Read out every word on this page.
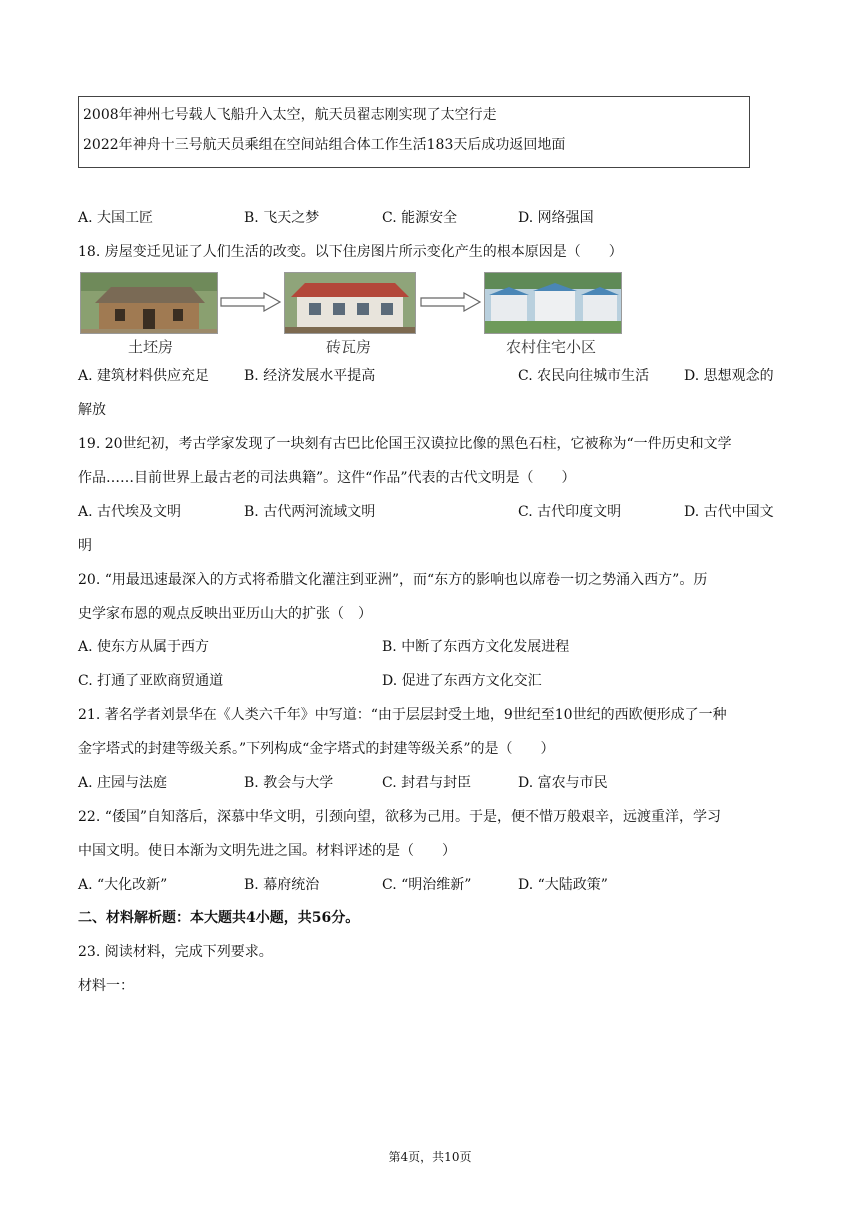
2008年神州七号载人飞船升入太空，航天员翟志刚实现了太空行走
2022年神舟十三号航天员乘组在空间站组合体工作生活183天后成功返回地面
A. 大国工匠	B. 飞天之梦	C. 能源安全	D. 网络强国
18. 房屋变迁见证了人们生活的改变。以下住房图片所示变化产生的根本原因是（　　）
土坯房	砖瓦房	农村住宅小区
A. 建筑材料供应充足 B. 经济发展水平提高	C. 农民向往城市生活 D. 思想观念的
解放
19. 20世纪初，考古学家发现了一块刻有古巴比伦国王汉谟拉比像的黑色石柱，它被称为“一件历史和文学
作品……目前世界上最古老的司法典籍”。这件“作品”代表的古代文明是（　　）
A. 古代埃及文明	B. 古代两河流域文明	C. 古代印度文明	D. 古代中国文
明
20. “用最迅速最深入的方式将希腊文化灌注到亚洲”，而“东方的影响也以席卷一切之势涌入西方”。历
史学家布恩的观点反映出亚历山大的扩张（　）
A. 使东方从属于西方	B. 中断了东西方文化发展进程
C. 打通了亚欧商贸通道	D. 促进了东西方文化交汇
21. 著名学者刘景华在《人类六千年》中写道：“由于层层封受土地，9世纪至10世纪的西欧便形成了一种
金字塔式的封建等级关系。”下列构成“金字塔式的封建等级关系”的是（　　）
A. 庄园与法庭	B. 教会与大学	C. 封君与封臣	D. 富农与市民
22. “倭国”自知落后，深慕中华文明，引颈向望，欲移为己用。于是，便不惜万般艰辛，远渡重洋，学习
中国文明。使日本渐为文明先进之国。材料评述的是（　　）
A. “大化改新”	B. 幕府统治	C. “明治维新”	D. “大陆政策”
二、材料解析题：本大题共4小题，共56分。
23. 阅读材料，完成下列要求。
材料一：
第4页，共10页
